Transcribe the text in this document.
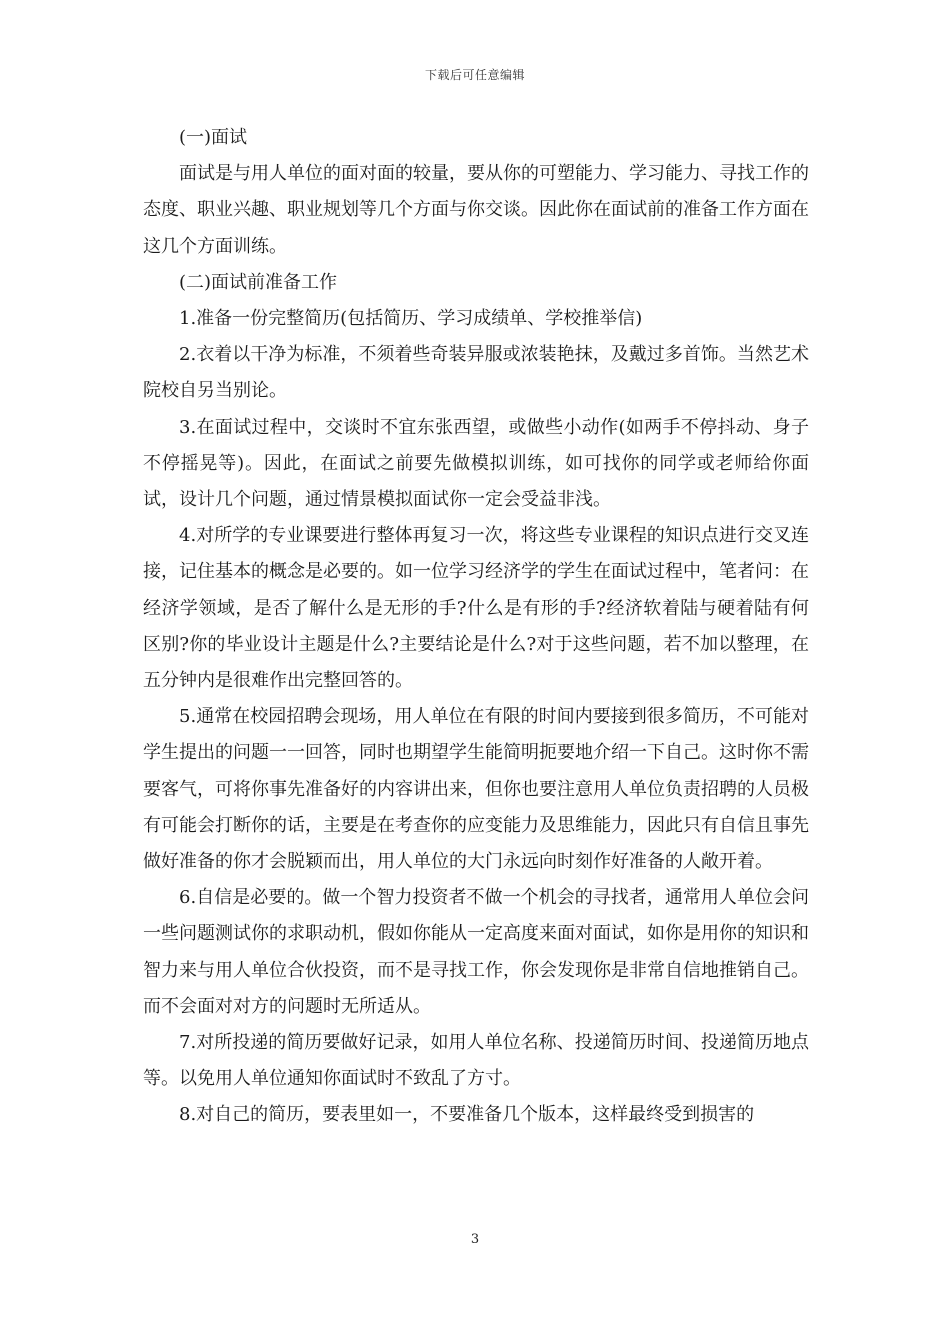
下载后可任意编辑

(一)面试

面试是与用人单位的面对面的较量，要从你的可塑能力、学习能力、寻找工作的态度、职业兴趣、职业规划等几个方面与你交谈。因此你在面试前的准备工作方面在这几个方面训练。

(二)面试前准备工作

1.准备一份完整简历(包括简历、学习成绩单、学校推举信)

2.衣着以干净为标准，不须着些奇装异服或浓装艳抹，及戴过多首饰。当然艺术院校自另当别论。

3.在面试过程中，交谈时不宜东张西望，或做些小动作(如两手不停抖动、身子不停摇晃等)。因此，在面试之前要先做模拟训练，如可找你的同学或老师给你面试，设计几个问题，通过情景模拟面试你一定会受益非浅。

4.对所学的专业课要进行整体再复习一次，将这些专业课程的知识点进行交叉连接，记住基本的概念是必要的。如一位学习经济学的学生在面试过程中，笔者问：在经济学领域，是否了解什么是无形的手?什么是有形的手?经济软着陆与硬着陆有何区别?你的毕业设计主题是什么?主要结论是什么?对于这些问题，若不加以整理，在五分钟内是很难作出完整回答的。

5.通常在校园招聘会现场，用人单位在有限的时间内要接到很多简历，不可能对学生提出的问题一一回答，同时也期望学生能简明扼要地介绍一下自己。这时你不需要客气，可将你事先准备好的内容讲出来，但你也要注意用人单位负责招聘的人员极有可能会打断你的话，主要是在考查你的应变能力及思维能力，因此只有自信且事先做好准备的你才会脱颖而出，用人单位的大门永远向时刻作好准备的人敞开着。

6.自信是必要的。做一个智力投资者不做一个机会的寻找者，通常用人单位会问一些问题测试你的求职动机，假如你能从一定高度来面对面试，如你是用你的知识和智力来与用人单位合伙投资，而不是寻找工作，你会发现你是非常自信地推销自己。而不会面对对方的问题时无所适从。

7.对所投递的简历要做好记录，如用人单位名称、投递简历时间、投递简历地点等。以免用人单位通知你面试时不致乱了方寸。

8.对自己的简历，要表里如一，不要准备几个版本，这样最终受到损害的

3
